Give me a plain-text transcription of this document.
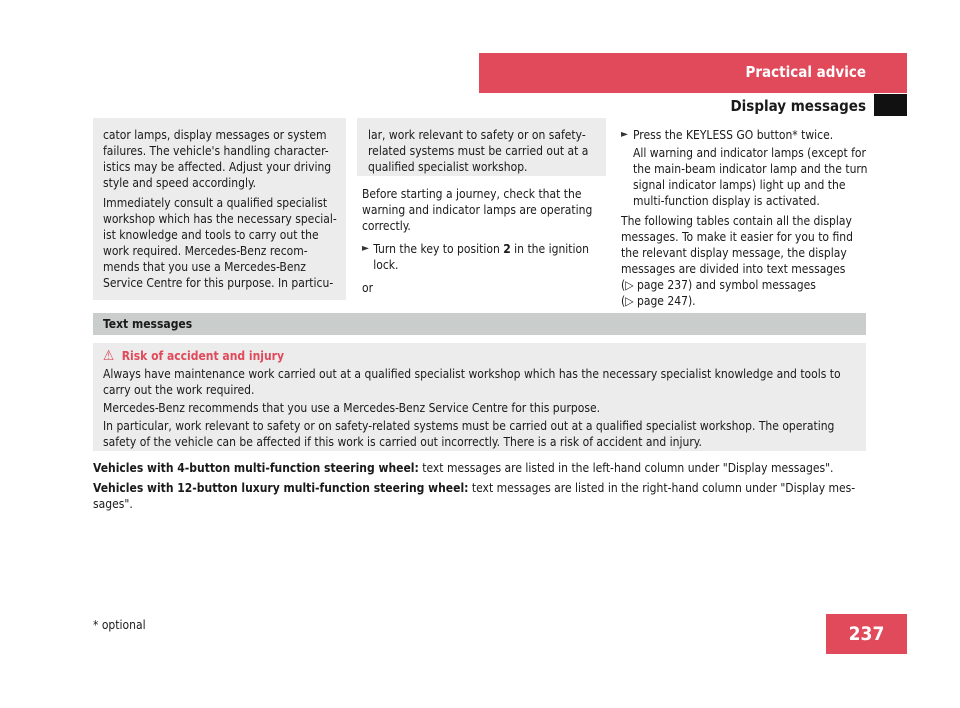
Practical advice
Display messages

cator lamps, display messages or system failures. The vehicle's handling character-istics may be affected. Adjust your driving style and speed accordingly.

Immediately consult a qualified specialist workshop which has the necessary special-ist knowledge and tools to carry out the work required. Mercedes-Benz recom-mends that you use a Mercedes-Benz Service Centre for this purpose. In particu-

lar, work relevant to safety or on safety-related systems must be carried out at a qualified specialist workshop.

Before starting a journey, check that the warning and indicator lamps are operating correctly.

► Turn the key to position 2 in the ignition lock.

or

► Press the KEYLESS GO button* twice.

All warning and indicator lamps (except for the main-beam indicator lamp and the turn signal indicator lamps) light up and the multi-function display is activated.

The following tables contain all the display messages. To make it easier for you to find the relevant display message, the display messages are divided into text messages
(▷ page 237) and symbol messages
(▷ page 247).

Text messages

⚠ Risk of accident and injury

Always have maintenance work carried out at a qualified specialist workshop which has the necessary specialist knowledge and tools to carry out the work required.

Mercedes-Benz recommends that you use a Mercedes-Benz Service Centre for this purpose.

In particular, work relevant to safety or on safety-related systems must be carried out at a qualified specialist workshop. The operating safety of the vehicle can be affected if this work is carried out incorrectly. There is a risk of accident and injury.

Vehicles with 4-button multi-function steering wheel: text messages are listed in the left-hand column under "Display messages".

Vehicles with 12-button luxury multi-function steering wheel: text messages are listed in the right-hand column under "Display mes-sages".

* optional	237
